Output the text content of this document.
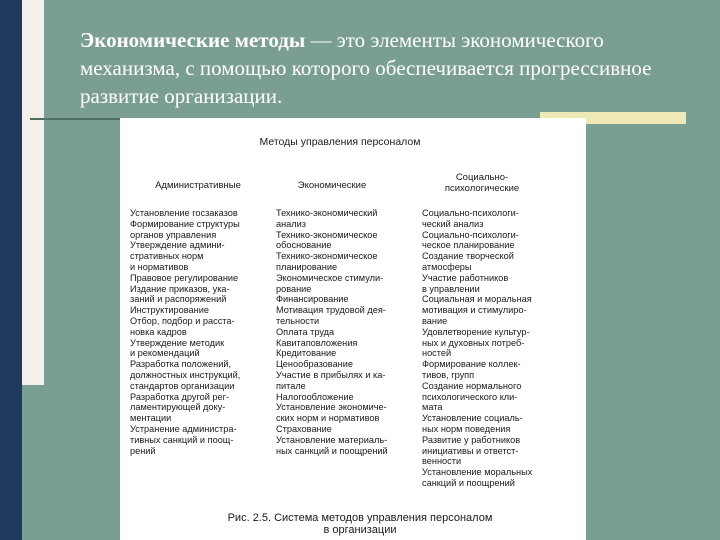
Экономические методы — это элементы экономического механизма, с помощью которого обеспечивается прогрессивное развитие организации.
Методы управления персоналом
Административные	Экономические
Социально-
психологические
Установление госзаказов
Формирование структуры
органов управления
Утверждение админи-
стративных норм
и нормативов
Правовое регулирование
Издание приказов, ука-
заний и распоряжений
Инструктирование
Отбор, подбор и расста-
новка кадров
Утверждение методик
и рекомендаций
Разработка положений,
должностных инструкций,
стандартов организации
Разработка другой рег-
ламентирующей доку-
ментации
Устранение администра-
тивных санкций и поощ-
рений
Технико-экономический
анализ
Технико-экономическое
обоснование
Технико-экономическое
планирование
Экономическое стимули-
рование
Финансирование
Мотивация трудовой дея-
тельности
Оплата труда
Кавитаповложения
Кредитование
Ценообразование
Участие в прибылях и ка-
питале
Налогообложение
Установление экономиче-
ских норм и нормативов
Страхование
Установление материаль-
ных санкций и поощрений
Социально-психологи-
ческий анализ
Социально-психологи-
ческое планирование
Создание творческой
атмосферы
Участие работников
в управлении
Социальная и моральная
мотивация и стимулиро-
вание
Удовлетворение культур-
ных и духовных потреб-
ностей
Формирование коллек-
тивов, групп
Создание нормального
психологического кли-
мата
Установление социаль-
ных норм поведения
Развитие у работников
инициативы и ответст-
венности
Установление моральных
санкций и поощрений
Рис. 2.5. Система методов управления персоналом
в организации
